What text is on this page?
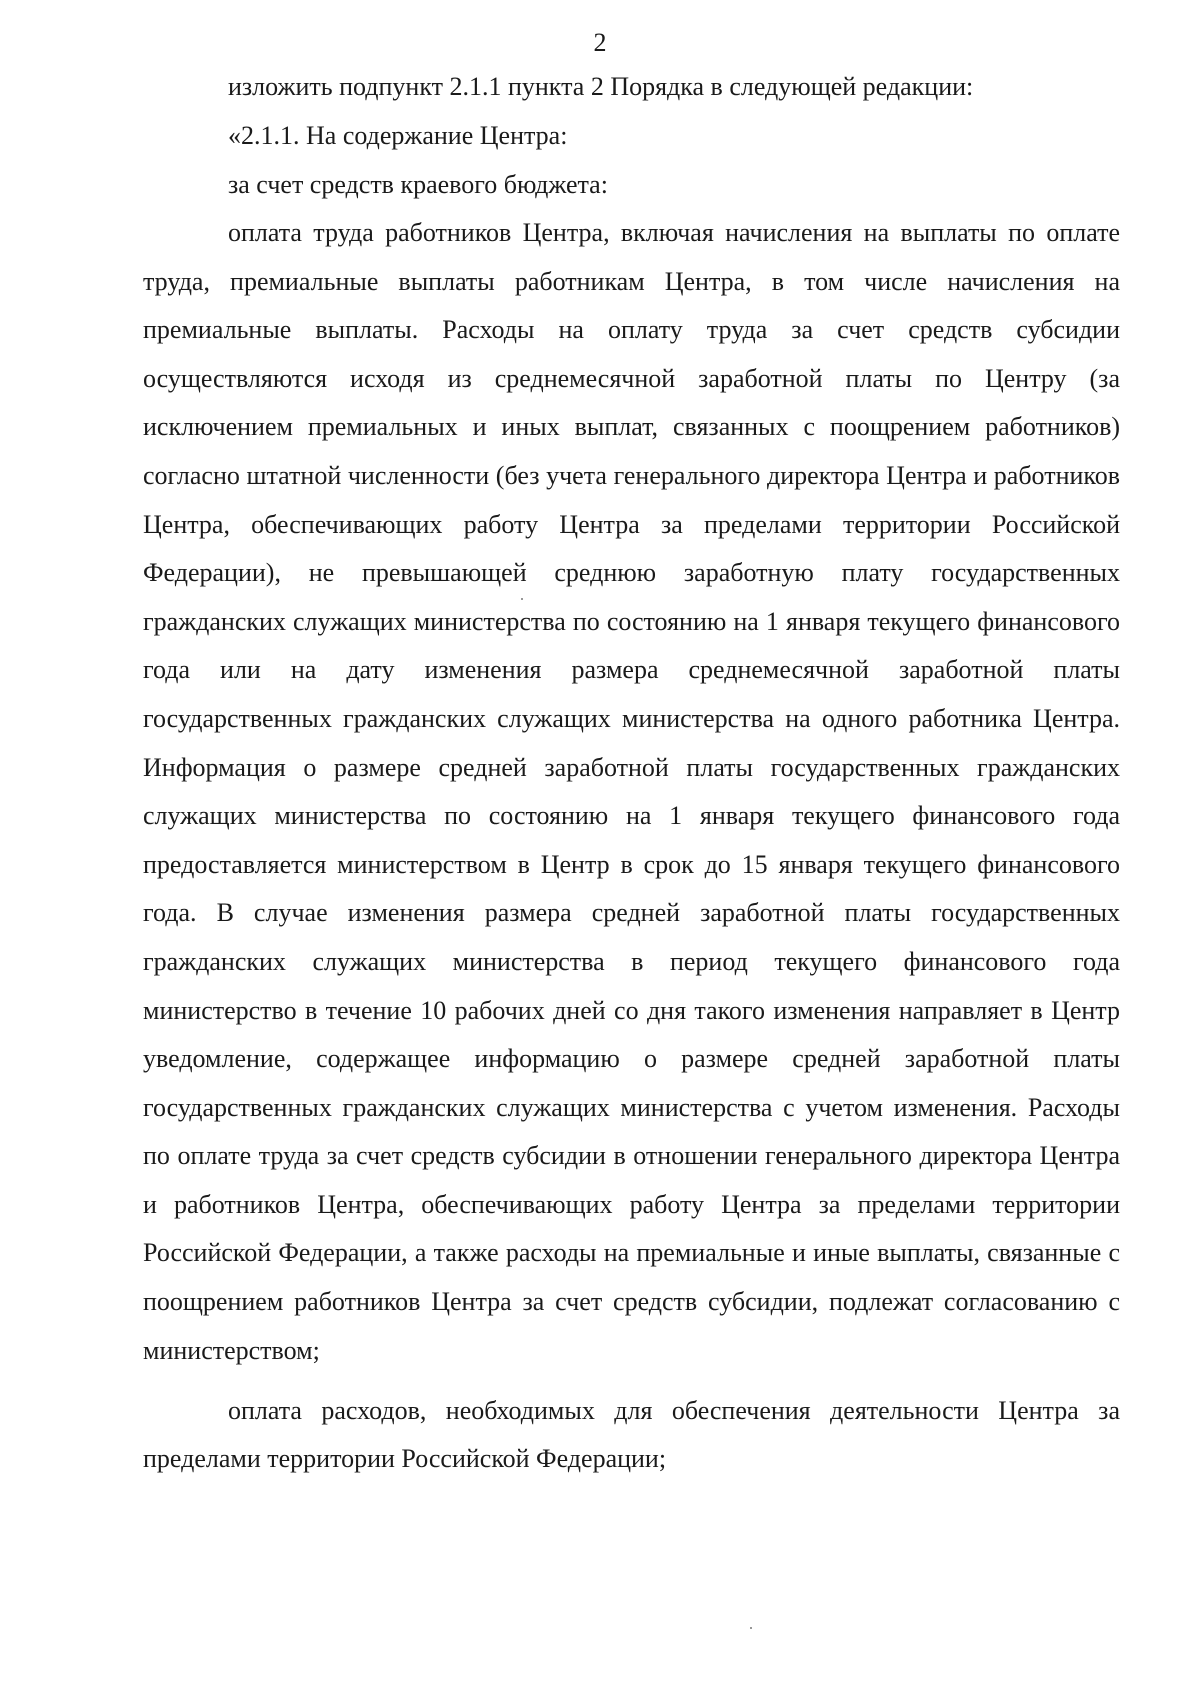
2

изложить подпункт 2.1.1 пункта 2 Порядка в следующей редакции:

«2.1.1. На содержание Центра:

за счет средств краевого бюджета:

оплата труда работников Центра, включая начисления на выплаты по оплате труда, премиальные выплаты работникам Центра, в том числе начисления на премиальные выплаты. Расходы на оплату труда за счет средств субсидии осуществляются исходя из среднемесячной заработной платы по Центру (за исключением премиальных и иных выплат, связанных с поощрением работников) согласно штатной численности (без учета генерального директора Центра и работников Центра, обеспечивающих работу Центра за пределами территории Российской Федерации), не превышающей среднюю заработную плату государственных гражданских служащих министерства по состоянию на 1 января текущего финансового года или на дату изменения размера среднемесячной заработной платы государственных гражданских служащих министерства на одного работника Центра. Информация о размере средней заработной платы государственных гражданских служащих министерства по состоянию на 1 января текущего финансового года предоставляется министерством в Центр в срок до 15 января текущего финансового года. В случае изменения размера средней заработной платы государственных гражданских служащих министерства в период текущего финансового года министерство в течение 10 рабочих дней со дня такого изменения направляет в Центр уведомление, содержащее информацию о размере средней заработной платы государственных гражданских служащих министерства с учетом изменения. Расходы по оплате труда за счет средств субсидии в отношении генерального директора Центра и работников Центра, обеспечивающих работу Центра за пределами территории Российской Федерации, а также расходы на премиальные и иные выплаты, связанные с поощрением работников Центра за счет средств субсидии, подлежат согласованию с министерством;

оплата расходов, необходимых для обеспечения деятельности Центра за пределами территории Российской Федерации;
